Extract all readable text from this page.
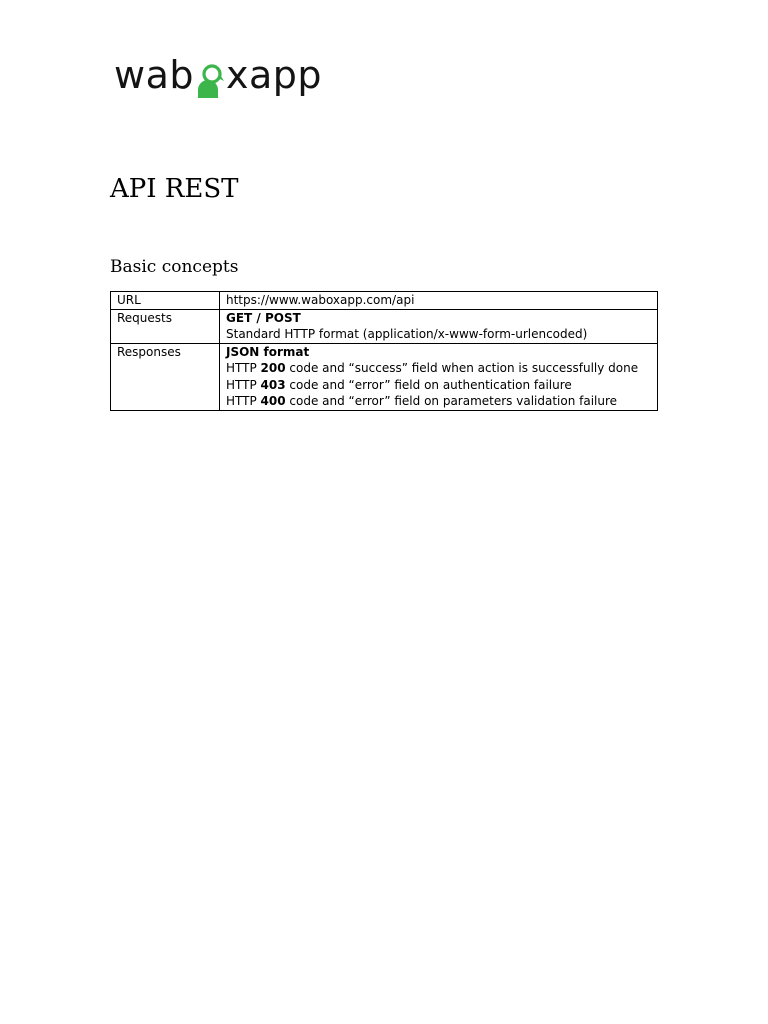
wab xapp
API REST
Basic concepts
URL	https://www.waboxapp.com/api
Requests	GET / POST
Standard HTTP format (application/x-www-form-urlencoded)

Responses	JSON format
HTTP 200 code and “success” field when action is successfully done
HTTP 403 code and “error” field on authentication failure
HTTP 400 code and “error” field on parameters validation failure
